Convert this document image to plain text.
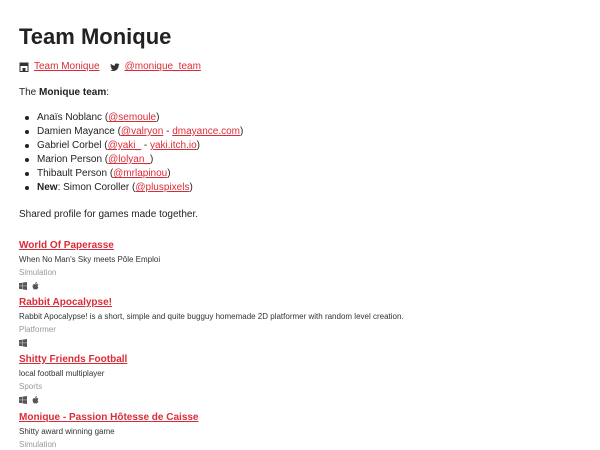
Team Monique
Team Monique	@monique_team
The Monique team:
Anaïs Noblanc (@semoule)
Damien Mayance (@valryon - dmayance.com)
Gabriel Corbel (@yaki_ - yaki.itch.io)
Marion Person (@lolyan_)
Thibault Person (@mrlapinou)
New: Simon Coroller (@pluspixels)
Shared profile for games made together.
World Of Paperasse
When No Man's Sky meets Pôle Emploi
Simulation
Rabbit Apocalypse!
Rabbit Apocalypse! is a short, simple and quite bugguy homemade 2D platformer with random level creation.
Platformer
Shitty Friends Football
local football multiplayer
Sports
Monique - Passion Hôtesse de Caisse
Shitty award winning game
Simulation
